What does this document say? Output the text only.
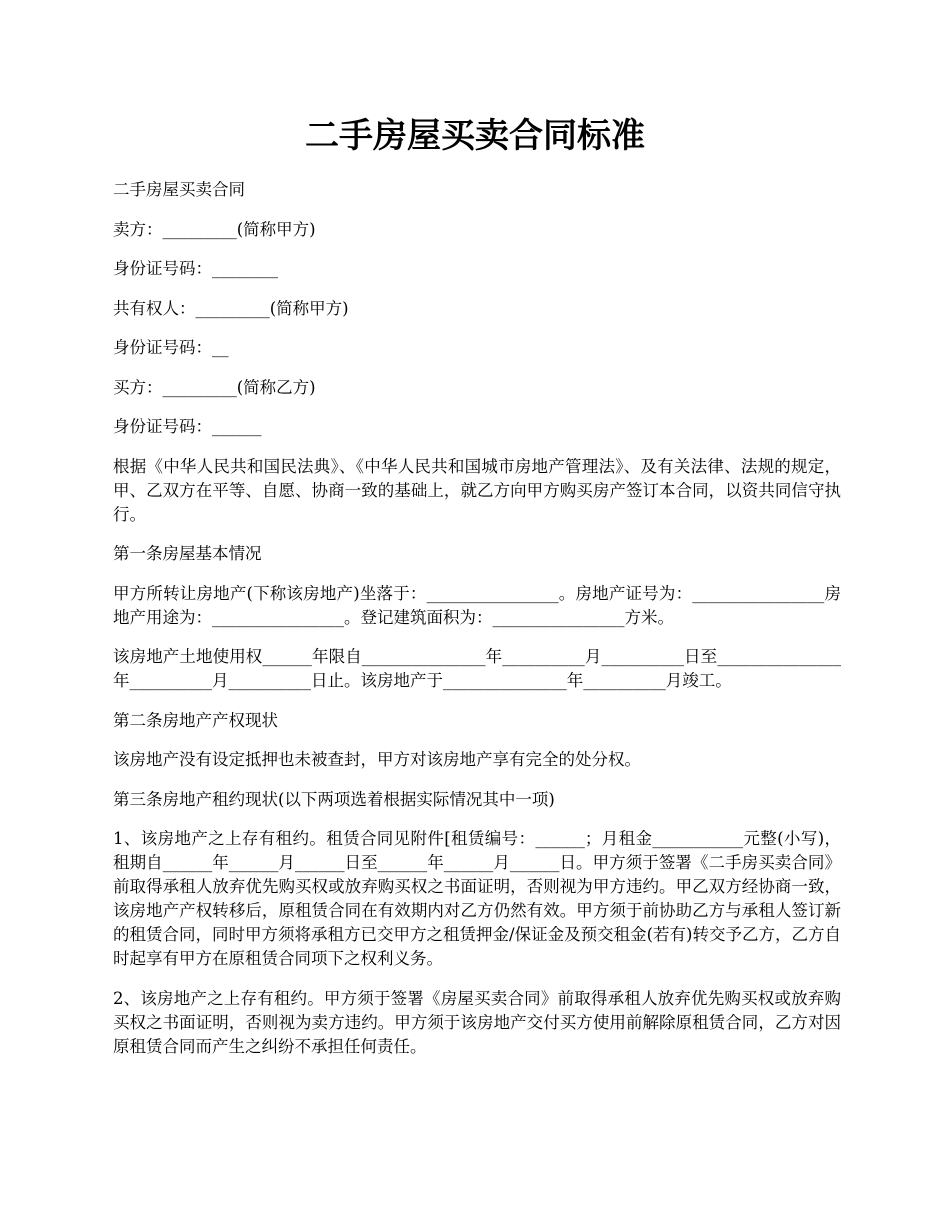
二手房屋买卖合同标准

二手房屋买卖合同

卖方：_________(简称甲方)

身份证号码：________

共有权人：_________(简称甲方)

身份证号码：__

买方：_________(简称乙方)

身份证号码：______

根据《中华人民共和国民法典》、《中华人民共和国城市房地产管理法》、及有关法律、法规的规定，甲、乙双方在平等、自愿、协商一致的基础上，就乙方向甲方购买房产签订本合同，以资共同信守执行。

第一条房屋基本情况

甲方所转让房地产(下称该房地产)坐落于：________________。房地产证号为：________________房地产用途为：________________。登记建筑面积为：________________方米。

该房地产土地使用权______年限自_______________年__________月__________日至_______________年__________月__________日止。该房地产于_______________年__________月竣工。

第二条房地产产权现状

该房地产没有设定抵押也未被查封，甲方对该房地产享有完全的处分权。

第三条房地产租约现状(以下两项选着根据实际情况其中一项)

1、该房地产之上存有租约。租赁合同见附件[租赁编号：______；月租金___________元整(小写)，租期自______年______月______日至______年______月______日。甲方须于签署《二手房买卖合同》前取得承租人放弃优先购买权或放弃购买权之书面证明，否则视为甲方违约。甲乙双方经协商一致，该房地产产权转移后，原租赁合同在有效期内对乙方仍然有效。甲方须于前协助乙方与承租人签订新的租赁合同，同时甲方须将承租方已交甲方之租赁押金/保证金及预交租金(若有)转交予乙方，乙方自时起享有甲方在原租赁合同项下之权利义务。

2、该房地产之上存有租约。甲方须于签署《房屋买卖合同》前取得承租人放弃优先购买权或放弃购买权之书面证明，否则视为卖方违约。甲方须于该房地产交付买方使用前解除原租赁合同，乙方对因原租赁合同而产生之纠纷不承担任何责任。
